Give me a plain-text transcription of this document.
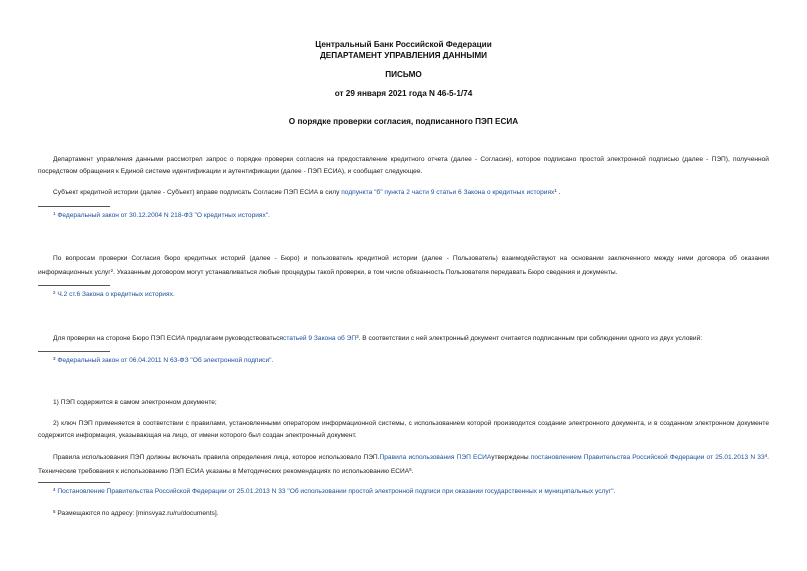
Центральный Банк Российской Федерации
ДЕПАРТАМЕНТ УПРАВЛЕНИЯ ДАННЫМИ
ПИСЬМО
от 29 января 2021 года N 46-5-1/74
О порядке проверки согласия, подписанного ПЭП ЕСИА
Департамент управления данными рассмотрел запрос о порядке проверки согласия на предоставление кредитного отчета (далее - Согласие), которое подписано простой электронной подписью (далее - ПЭП), полученной посредством обращения к Единой системе идентификации и аутентификации (далее - ПЭП ЕСИА), и сообщает следующее.
Субъект кредитной истории (далее - Субъект) вправе подписать Согласие ПЭП ЕСИА в силу подпункта "б" пункта 2 части 9 статьи 6 Закона о кредитных историях$^1$ .
$^1$ Федеральный закон от 30.12.2004 N 218-ФЗ "О кредитных историях".
По вопросам проверки Согласия бюро кредитных историй (далее - Бюро) и пользователь кредитной истории (далее - Пользователь) взаимодействуют на основании заключенного между ними договора об оказании информационных услуг$^2$. Указанным договором могут устанавливаться любые процедуры такой проверки, в том числе обязанность Пользователя передавать Бюро сведения и документы.
$^2$ Ч.2 ст.6 Закона о кредитных историях.
Для проверки на стороне Бюро ПЭП ЕСИА предлагаем руководствоватьсястатьей 9 Закона об $ЭП^3$. В соответствии с ней электронный документ считается подписанным при соблюдении одного из двух условий:
$^3$ Федеральный закон от 06.04.2011 N 63-ФЗ "Об электронной подписи".
1) ПЭП содержится в самом электронном документе;
2) ключ ПЭП применяется в соответствии с правилами, установленными оператором информационной системы, с использованием которой производится создание электронного документа, и в созданном электронном документе содержится информация, указывающая на лицо, от имени которого был создан электронный документ.
Правила использования ПЭП должны включать правила определения лица, которое использовало ПЭП.Правила использования ПЭП ЕСИАутверждены постановлением Правительства Российской Федерации от 25.01.2013 N $33^4$. Технические требования к использованию ПЭП ЕСИА указаны в Методических рекомендациях по использованию ЕСИА$^5$.
$^4$ Постановление Правительства Российской Федерации от 25.01.2013 N 33 "Об использовании простой электронной подписи при оказании государственных и муниципальных услуг".
$^5$ Размещаются по адресу: [minsvyaz.ru/ru/documents].
